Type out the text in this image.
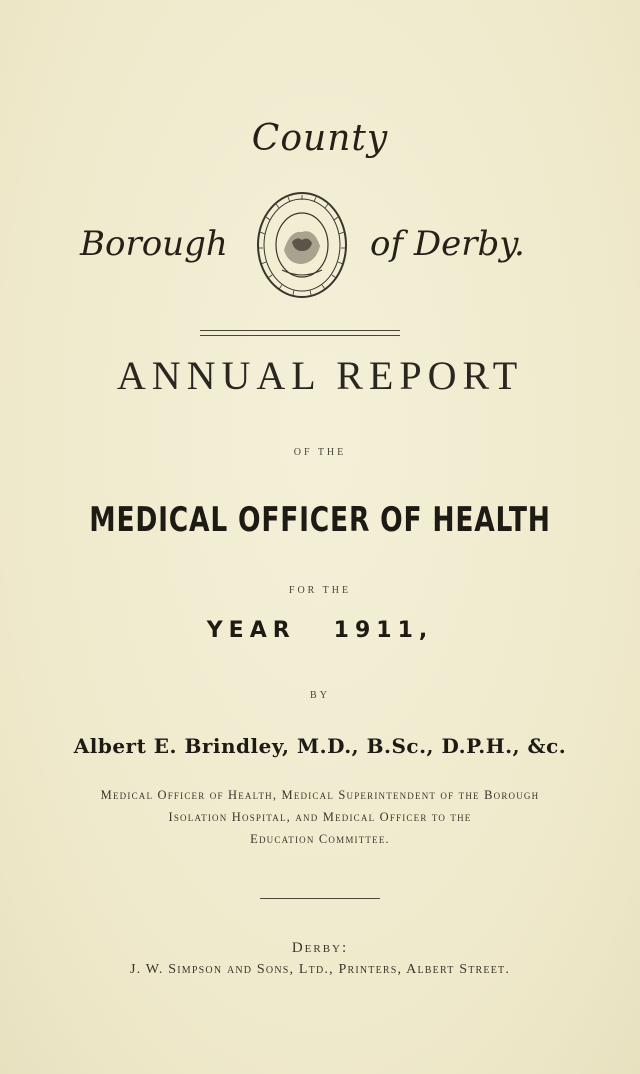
County
Borough	of Derby.
ANNUAL REPORT
OF THE
MEDICAL OFFICER OF HEALTH
FOR THE
YEAR 1911,
BY
Albert E. Brindley, M.D., B.Sc., D.P.H., &c.
Medical Officer of Health, Medical Superintendent of the Borough
Isolation Hospital, and Medical Officer to the
Education Committee.
Derby:
J. W. Simpson and Sons, Ltd., Printers, Albert Street.
